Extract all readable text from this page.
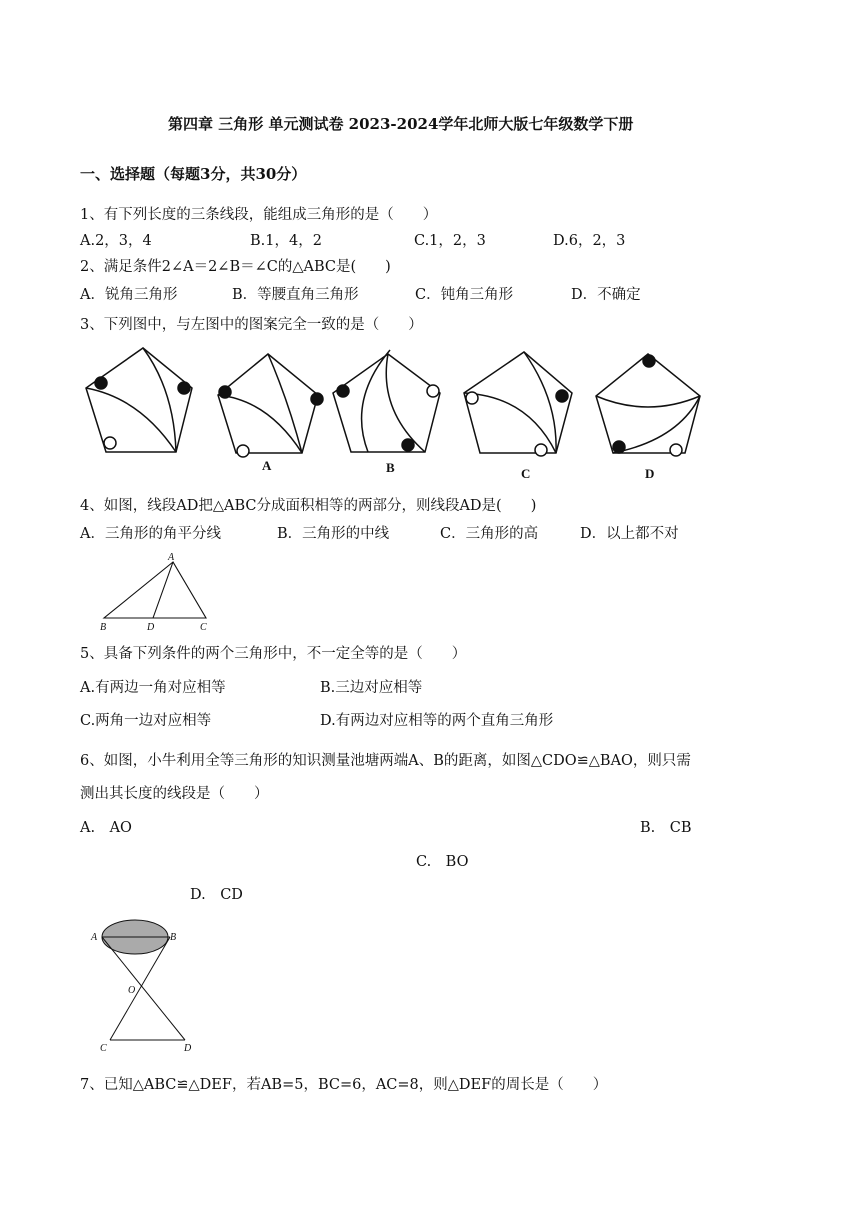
第四章 三角形 单元测试卷 2023-2024学年北师大版七年级数学下册
一、选择题（每题3分，共30分）
1、有下列长度的三条线段，能组成三角形的是（　　）
A.2，3，4	B.1，4，2	C.1，2，3	D.6，2，3
2、满足条件2∠A＝2∠B＝∠C的△ABC是(　　)
A．锐角三角形	B．等腰直角三角形	C．钝角三角形	D．不确定
3、下列图中，与左图中的图案完全一致的是（　　）
A	B	C	D
4、如图，线段AD把△ABC分成面积相等的两部分，则线段AD是(　　)
A．三角形的角平分线	B．三角形的中线	C．三角形的高	D．以上都不对
A
B	D	C
5、具备下列条件的两个三角形中，不一定全等的是（　　）
A.有两边一角对应相等	B.三边对应相等
C.两角一边对应相等	D.有两边对应相等的两个直角三角形
6、如图，小牛利用全等三角形的知识测量池塘两端A、B的距离，如图△CDO≌△BAO，则只需
测出其长度的线段是（　　）
A.　AO	B.　CB
C.　BO
D.　CD
A	B
O
C	D
7、已知△ABC≌△DEF，若AB=5，BC=6，AC=8，则△DEF的周长是（　　）
